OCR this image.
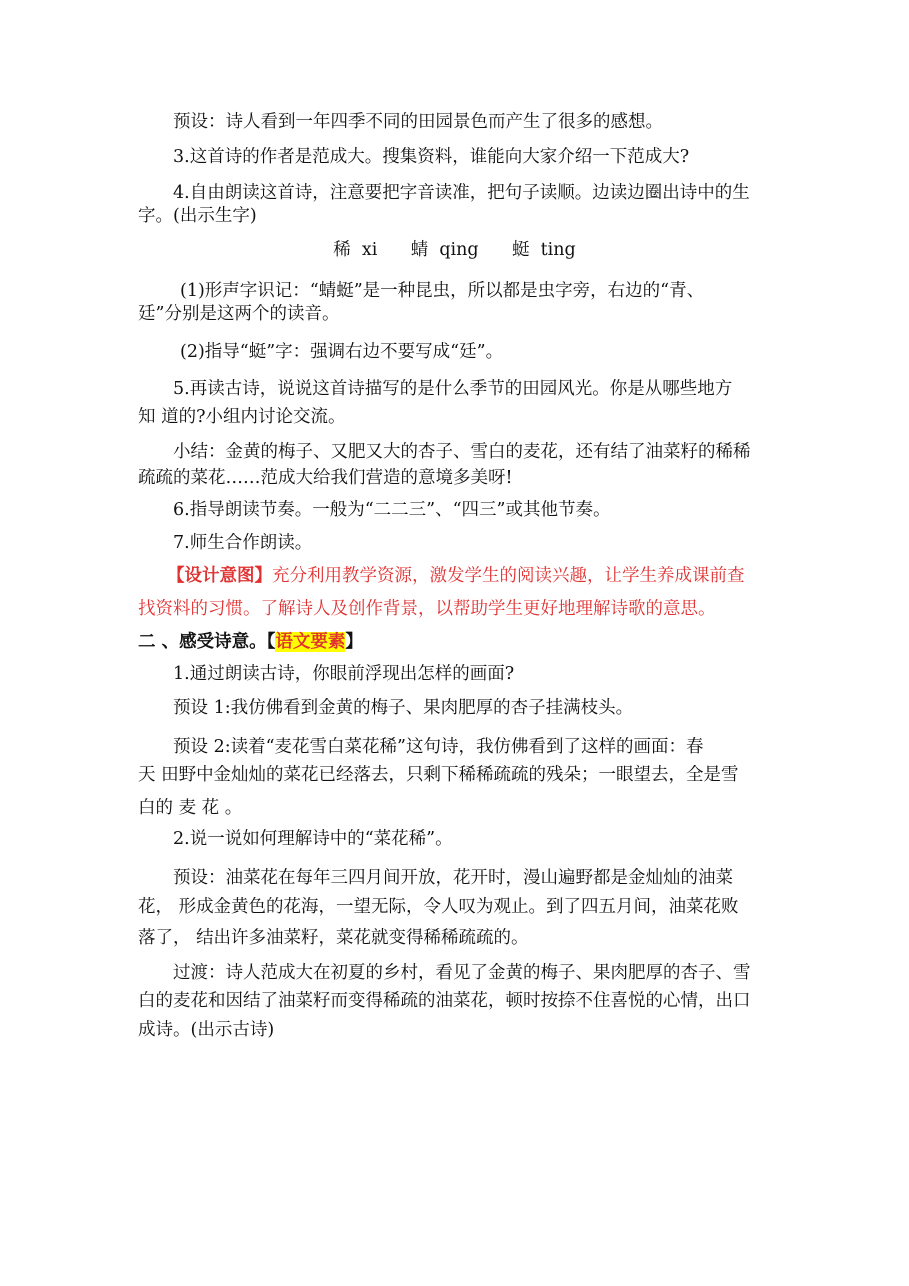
预设：诗人看到一年四季不同的田园景色而产生了很多的感想。
3.这首诗的作者是范成大。搜集资料，谁能向大家介绍一下范成大?
4.自由朗读这首诗，注意要把字音读准，把句子读顺。边读边圈出诗中的生
字。(出示生字)
稀  xi      蜻  qing      蜓  ting
(1)形声字识记：“蜻蜓”是一种昆虫，所以都是虫字旁，右边的“青、
廷”分别是这两个的读音。
(2)指导“蜓”字：强调右边不要写成“廷”。
5.再读古诗，说说这首诗描写的是什么季节的田园风光。你是从哪些地方
知 道的?小组内讨论交流。
小结：金黄的梅子、又肥又大的杏子、雪白的麦花，还有结了油菜籽的稀稀
疏疏的菜花……范成大给我们营造的意境多美呀!
6.指导朗读节奏。一般为“二二三”、“四三”或其他节奏。
7.师生合作朗读。
【设计意图】充分利用教学资源，激发学生的阅读兴趣，让学生养成课前查
找资料的习惯。了解诗人及创作背景，以帮助学生更好地理解诗歌的意思。
二 、感受诗意。【语文要素】
1.通过朗读古诗，你眼前浮现出怎样的画面?
预设 1:我仿佛看到金黄的梅子、果肉肥厚的杏子挂满枝头。
预设 2:读着“麦花雪白菜花稀”这句诗，我仿佛看到了这样的画面：春
天 田野中金灿灿的菜花已经落去，只剩下稀稀疏疏的残朵；一眼望去，全是雪
白的 麦 花 。
2.说一说如何理解诗中的“菜花稀”。
预设：油菜花在每年三四月间开放，花开时，漫山遍野都是金灿灿的油菜
花， 形成金黄色的花海，一望无际，令人叹为观止。到了四五月间，油菜花败
落了， 结出许多油菜籽，菜花就变得稀稀疏疏的。
过渡：诗人范成大在初夏的乡村，看见了金黄的梅子、果肉肥厚的杏子、雪
白的麦花和因结了油菜籽而变得稀疏的油菜花，顿时按捺不住喜悦的心情，出口
成诗。(出示古诗)
